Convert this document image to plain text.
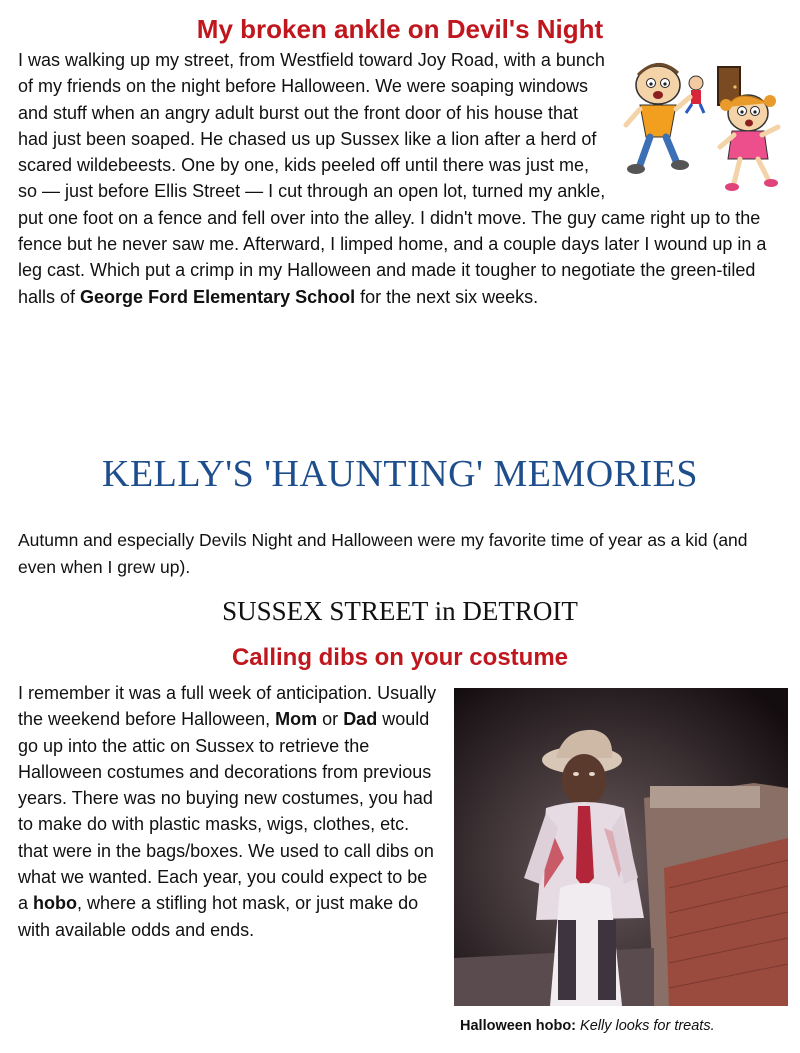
My broken ankle on Devil's Night
I was walking up my street, from Westfield toward Joy Road, with a bunch of my friends on the night before Halloween. We were soaping windows and stuff when an angry adult burst out the front door of his house that had just been soaped. He chased us up Sussex like a lion after a herd of scared wildebeests. One by one, kids peeled off until there was just me, so — just before Ellis Street — I cut through an open lot, turned my ankle, put one foot on a fence and fell over into the alley. I didn't move. The guy came right up to the fence but he never saw me. Afterward, I limped home, and a couple days later I wound up in a leg cast. Which put a crimp in my Halloween and made it tougher to negotiate the green-tiled halls of George Ford Elementary School for the next six weeks.
KELLY'S 'HAUNTING' MEMORIES
Autumn and especially Devils Night and Halloween were my favorite time of year as a kid (and even when I grew up).
SUSSEX STREET in DETROIT
Calling dibs on your costume
I remember it was a full week of anticipation. Usually the weekend before Halloween, Mom or Dad would go up into the attic on Sussex to retrieve the Halloween costumes and decorations from previous years. There was no buying new costumes, you had to make do with plastic masks, wigs, clothes, etc. that were in the bags/boxes. We used to call dibs on what we wanted. Each year, you could expect to be a hobo, where a stifling hot mask, or just make do with available odds and ends.
Halloween hobo: Kelly looks for treats.
